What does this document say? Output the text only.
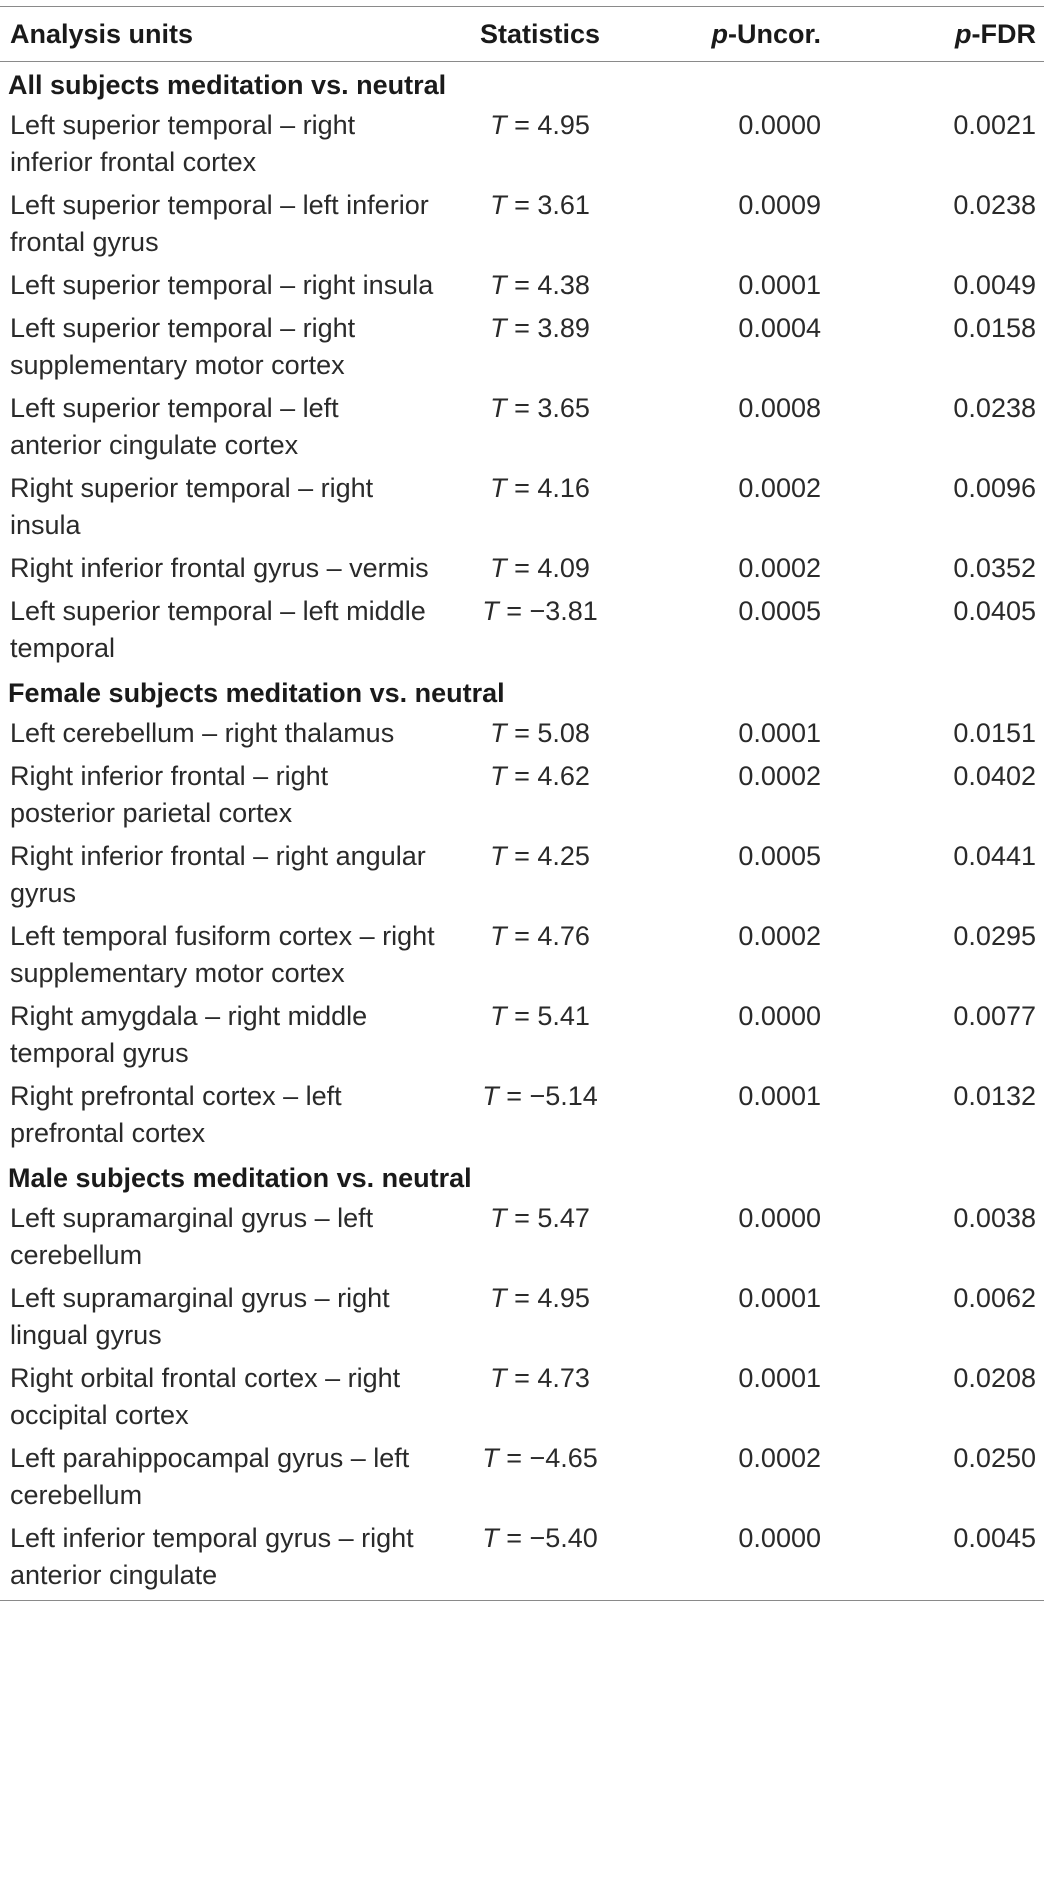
Analysis units	Statistics	p-Uncor.	p-FDR
All subjects meditation vs. neutral			
Left superior temporal – right inferior frontal cortex	T = 4.95	0.0000	0.0021
Left superior temporal – left inferior frontal gyrus	T = 3.61	0.0009	0.0238
Left superior temporal – right insula	T = 4.38	0.0001	0.0049
Left superior temporal – right supplementary motor cortex	T = 3.89	0.0004	0.0158
Left superior temporal – left anterior cingulate cortex	T = 3.65	0.0008	0.0238
Right superior temporal – right insula	T = 4.16	0.0002	0.0096
Right inferior frontal gyrus – vermis	T = 4.09	0.0002	0.0352
Left superior temporal – left middle temporal	T = −3.81	0.0005	0.0405
Female subjects meditation vs. neutral			
Left cerebellum – right thalamus	T = 5.08	0.0001	0.0151
Right inferior frontal – right posterior parietal cortex	T = 4.62	0.0002	0.0402
Right inferior frontal – right angular gyrus	T = 4.25	0.0005	0.0441
Left temporal fusiform cortex – right supplementary motor cortex	T = 4.76	0.0002	0.0295
Right amygdala – right middle temporal gyrus	T = 5.41	0.0000	0.0077
Right prefrontal cortex – left prefrontal cortex	T = −5.14	0.0001	0.0132
Male subjects meditation vs. neutral			
Left supramarginal gyrus – left cerebellum	T = 5.47	0.0000	0.0038
Left supramarginal gyrus – right lingual gyrus	T = 4.95	0.0001	0.0062
Right orbital frontal cortex – right occipital cortex	T = 4.73	0.0001	0.0208
Left parahippocampal gyrus – left cerebellum	T = −4.65	0.0002	0.0250
Left inferior temporal gyrus – right anterior cingulate	T = −5.40	0.0000	0.0045
